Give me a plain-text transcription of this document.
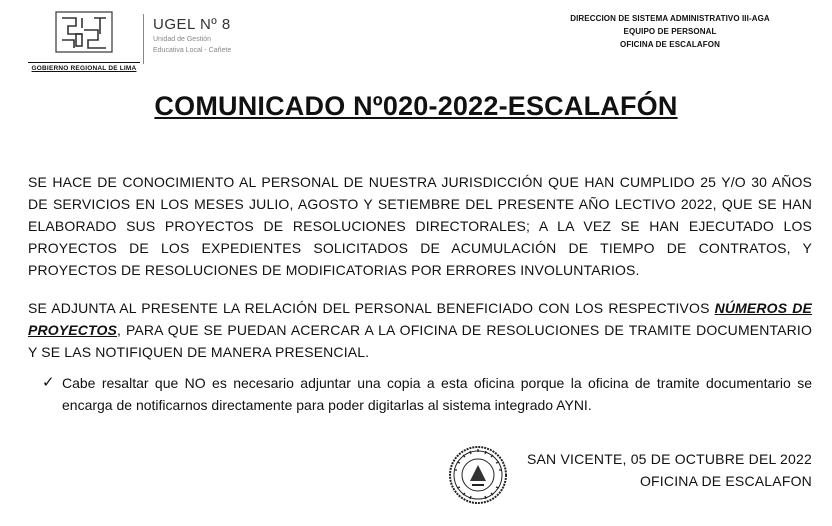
GOBIERNO REGIONAL DE LIMA
UGEL Nº 8
Unidad de Gestión
Educativa Local - Cañete
DIRECCION DE SISTEMA ADMINISTRATIVO III-AGA
EQUIPO DE PERSONAL
OFICINA DE ESCALAFON
COMUNICADO Nº020-2022-ESCALAFÓN
SE HACE DE CONOCIMIENTO AL PERSONAL DE NUESTRA JURISDICCIÓN QUE HAN CUMPLIDO 25 Y/O 30 AÑOS DE SERVICIOS EN LOS MESES JULIO, AGOSTO Y SETIEMBRE DEL PRESENTE AÑO LECTIVO 2022, QUE SE HAN ELABORADO SUS PROYECTOS DE RESOLUCIONES DIRECTORALES; A LA VEZ SE HAN EJECUTADO LOS PROYECTOS DE LOS EXPEDIENTES SOLICITADOS DE ACUMULACIÓN DE TIEMPO DE CONTRATOS, Y PROYECTOS DE RESOLUCIONES DE MODIFICATORIAS POR ERRORES INVOLUNTARIOS.
SE ADJUNTA AL PRESENTE LA RELACIÓN DEL PERSONAL BENEFICIADO CON LOS RESPECTIVOS NÚMEROS DE PROYECTOS, PARA QUE SE PUEDAN ACERCAR A LA OFICINA DE RESOLUCIONES DE TRAMITE DOCUMENTARIO Y SE LAS NOTIFIQUEN DE MANERA PRESENCIAL.
✓ Cabe resaltar que NO es necesario adjuntar una copia a esta oficina porque la oficina de tramite documentario se encarga de notificarnos directamente para poder digitarlas al sistema integrado AYNI.
SAN VICENTE, 05 DE OCTUBRE DEL 2022
OFICINA DE ESCALAFON
